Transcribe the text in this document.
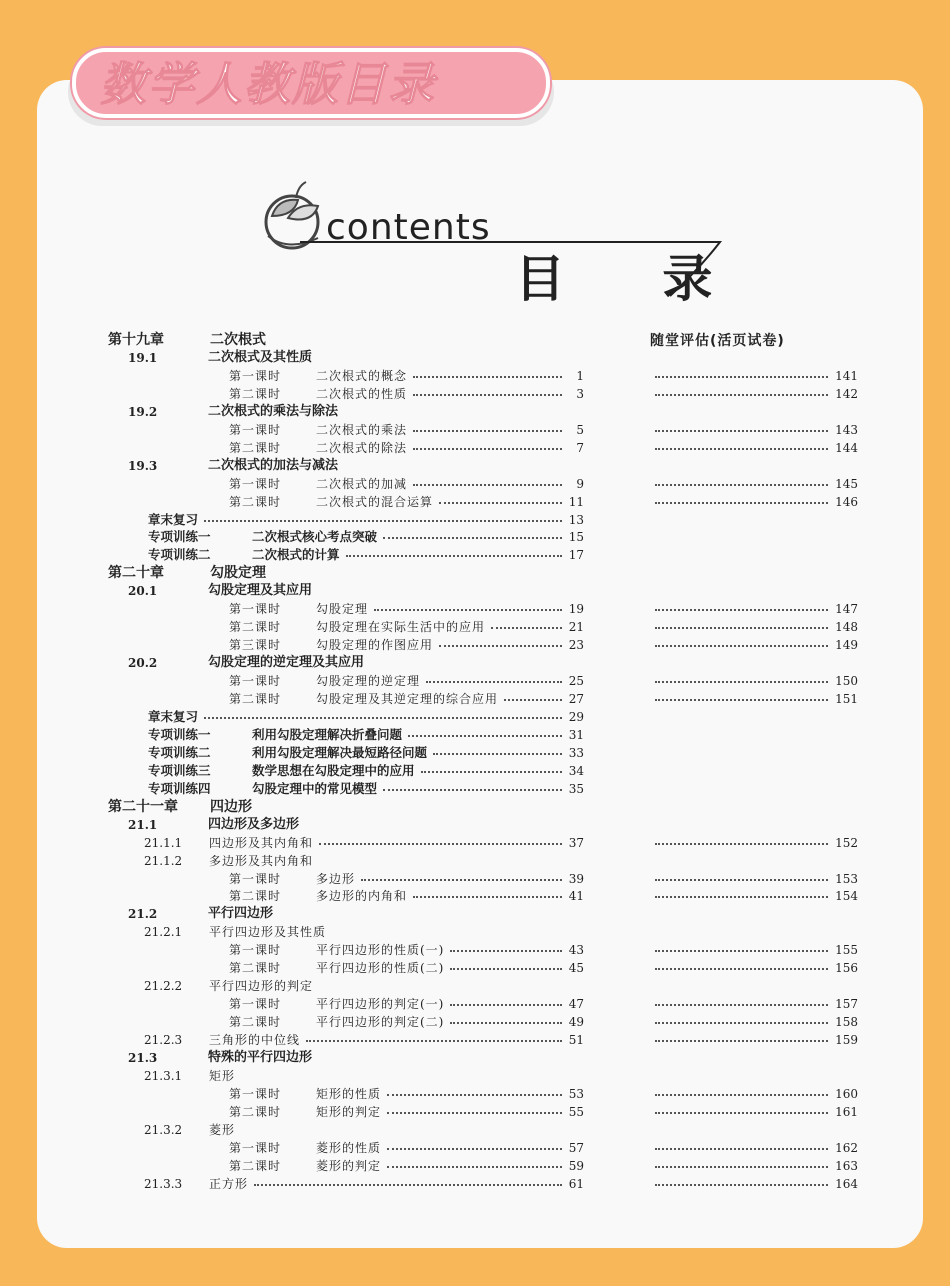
数学人教版目录
contents
目 录
随堂评估(活页试卷)
第十九章	二次根式
19.1	二次根式及其性质
第一课时	二次根式的概念	1	141
第二课时	二次根式的性质	3	142
19.2	二次根式的乘法与除法
第一课时	二次根式的乘法	5	143
第二课时	二次根式的除法	7	144
19.3	二次根式的加法与减法
第一课时	二次根式的加减	9	145
第二课时	二次根式的混合运算	11	146
章末复习	13
专项训练一	二次根式核心考点突破	15
专项训练二	二次根式的计算	17
第二十章	勾股定理
20.1	勾股定理及其应用
第一课时	勾股定理	19	147
第二课时	勾股定理在实际生活中的应用	21	148
第三课时	勾股定理的作图应用	23	149
20.2	勾股定理的逆定理及其应用
第一课时	勾股定理的逆定理	25	150
第二课时	勾股定理及其逆定理的综合应用	27	151
章末复习	29
专项训练一	利用勾股定理解决折叠问题	31
专项训练二	利用勾股定理解决最短路径问题	33
专项训练三	数学思想在勾股定理中的应用	34
专项训练四	勾股定理中的常见模型	35
第二十一章 四边形
21.1	四边形及多边形
21.1.1 四边形及其内角和	37	152
21.1.2 多边形及其内角和
第一课时	多边形	39	153
第二课时	多边形的内角和	41	154
21.2	平行四边形
21.2.1 平行四边形及其性质
第一课时	平行四边形的性质(一)	43	155
第二课时	平行四边形的性质(二)	45	156
21.2.2 平行四边形的判定
第一课时	平行四边形的判定(一)	47	157
第二课时	平行四边形的判定(二)	49	158
21.2.3 三角形的中位线	51	159
21.3	特殊的平行四边形
21.3.1 矩形
第一课时	矩形的性质	53	160
第二课时	矩形的判定	55	161
21.3.2 菱形
第一课时	菱形的性质	57	162
第二课时	菱形的判定	59	163
21.3.3 正方形	61	164
